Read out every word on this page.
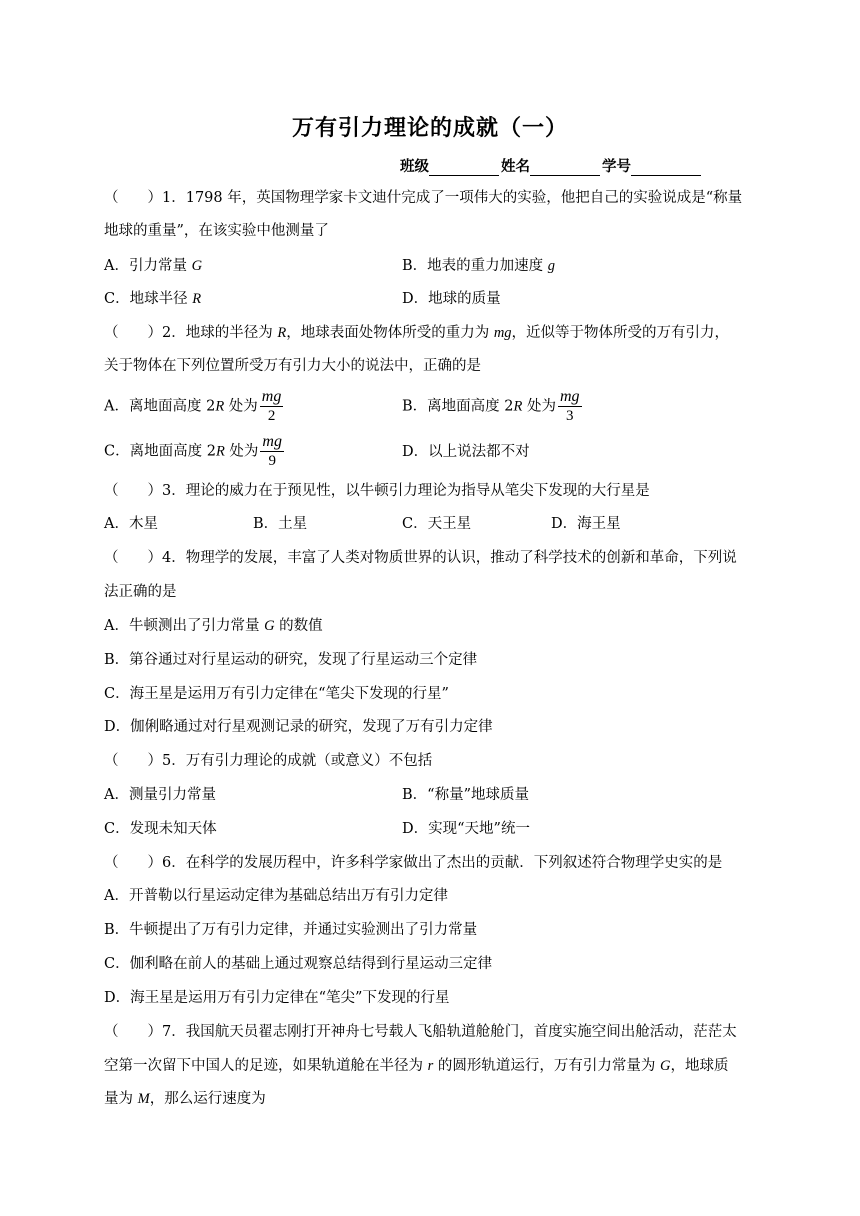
万有引力理论的成就（一）
班级	姓名	学号
（　　）1．1798 年，英国物理学家卡文迪什完成了一项伟大的实验，他把自己的实验说成是“称量
地球的重量”，在该实验中他测量了
A．引力常量 G	B．地表的重力加速度 g
C．地球半径 R	D．地球的质量
（　　）2．地球的半径为 R，地球表面处物体所受的重力为 mg，近似等于物体所受的万有引力，
关于物体在下列位置所受万有引力大小的说法中，正确的是
A．离地面高度 2R 处为 $\frac{mg}{2}$	B．离地面高度 2R 处为 $\frac{mg}{3}$
C．离地面高度 2R 处为 $\frac{mg}{9}$	D．以上说法都不对
（　　）3．理论的威力在于预见性，以牛顿引力理论为指导从笔尖下发现的大行星是
A．木星	B．土星	C．天王星	D．海王星
（　　）4．物理学的发展，丰富了人类对物质世界的认识，推动了科学技术的创新和革命，下列说
法正确的是
A．牛顿测出了引力常量 G 的数值
B．第谷通过对行星运动的研究，发现了行星运动三个定律
C．海王星是运用万有引力定律在“笔尖下发现的行星”
D．伽俐略通过对行星观测记录的研究，发现了万有引力定律
（　　）5．万有引力理论的成就（或意义）不包括
A．测量引力常量	B．“称量”地球质量
C．发现未知天体	D．实现“天地”统一
（　　）6．在科学的发展历程中，许多科学家做出了杰出的贡献．下列叙述符合物理学史实的是
A．开普勒以行星运动定律为基础总结出万有引力定律
B．牛顿提出了万有引力定律，并通过实验测出了引力常量
C．伽利略在前人的基础上通过观察总结得到行星运动三定律
D．海王星是运用万有引力定律在“笔尖”下发现的行星
（　　）7．我国航天员翟志刚打开神舟七号载人飞船轨道舱舱门，首度实施空间出舱活动，茫茫太
空第一次留下中国人的足迹，如果轨道舱在半径为 r 的圆形轨道运行，万有引力常量为 G，地球质
量为 M，那么运行速度为
